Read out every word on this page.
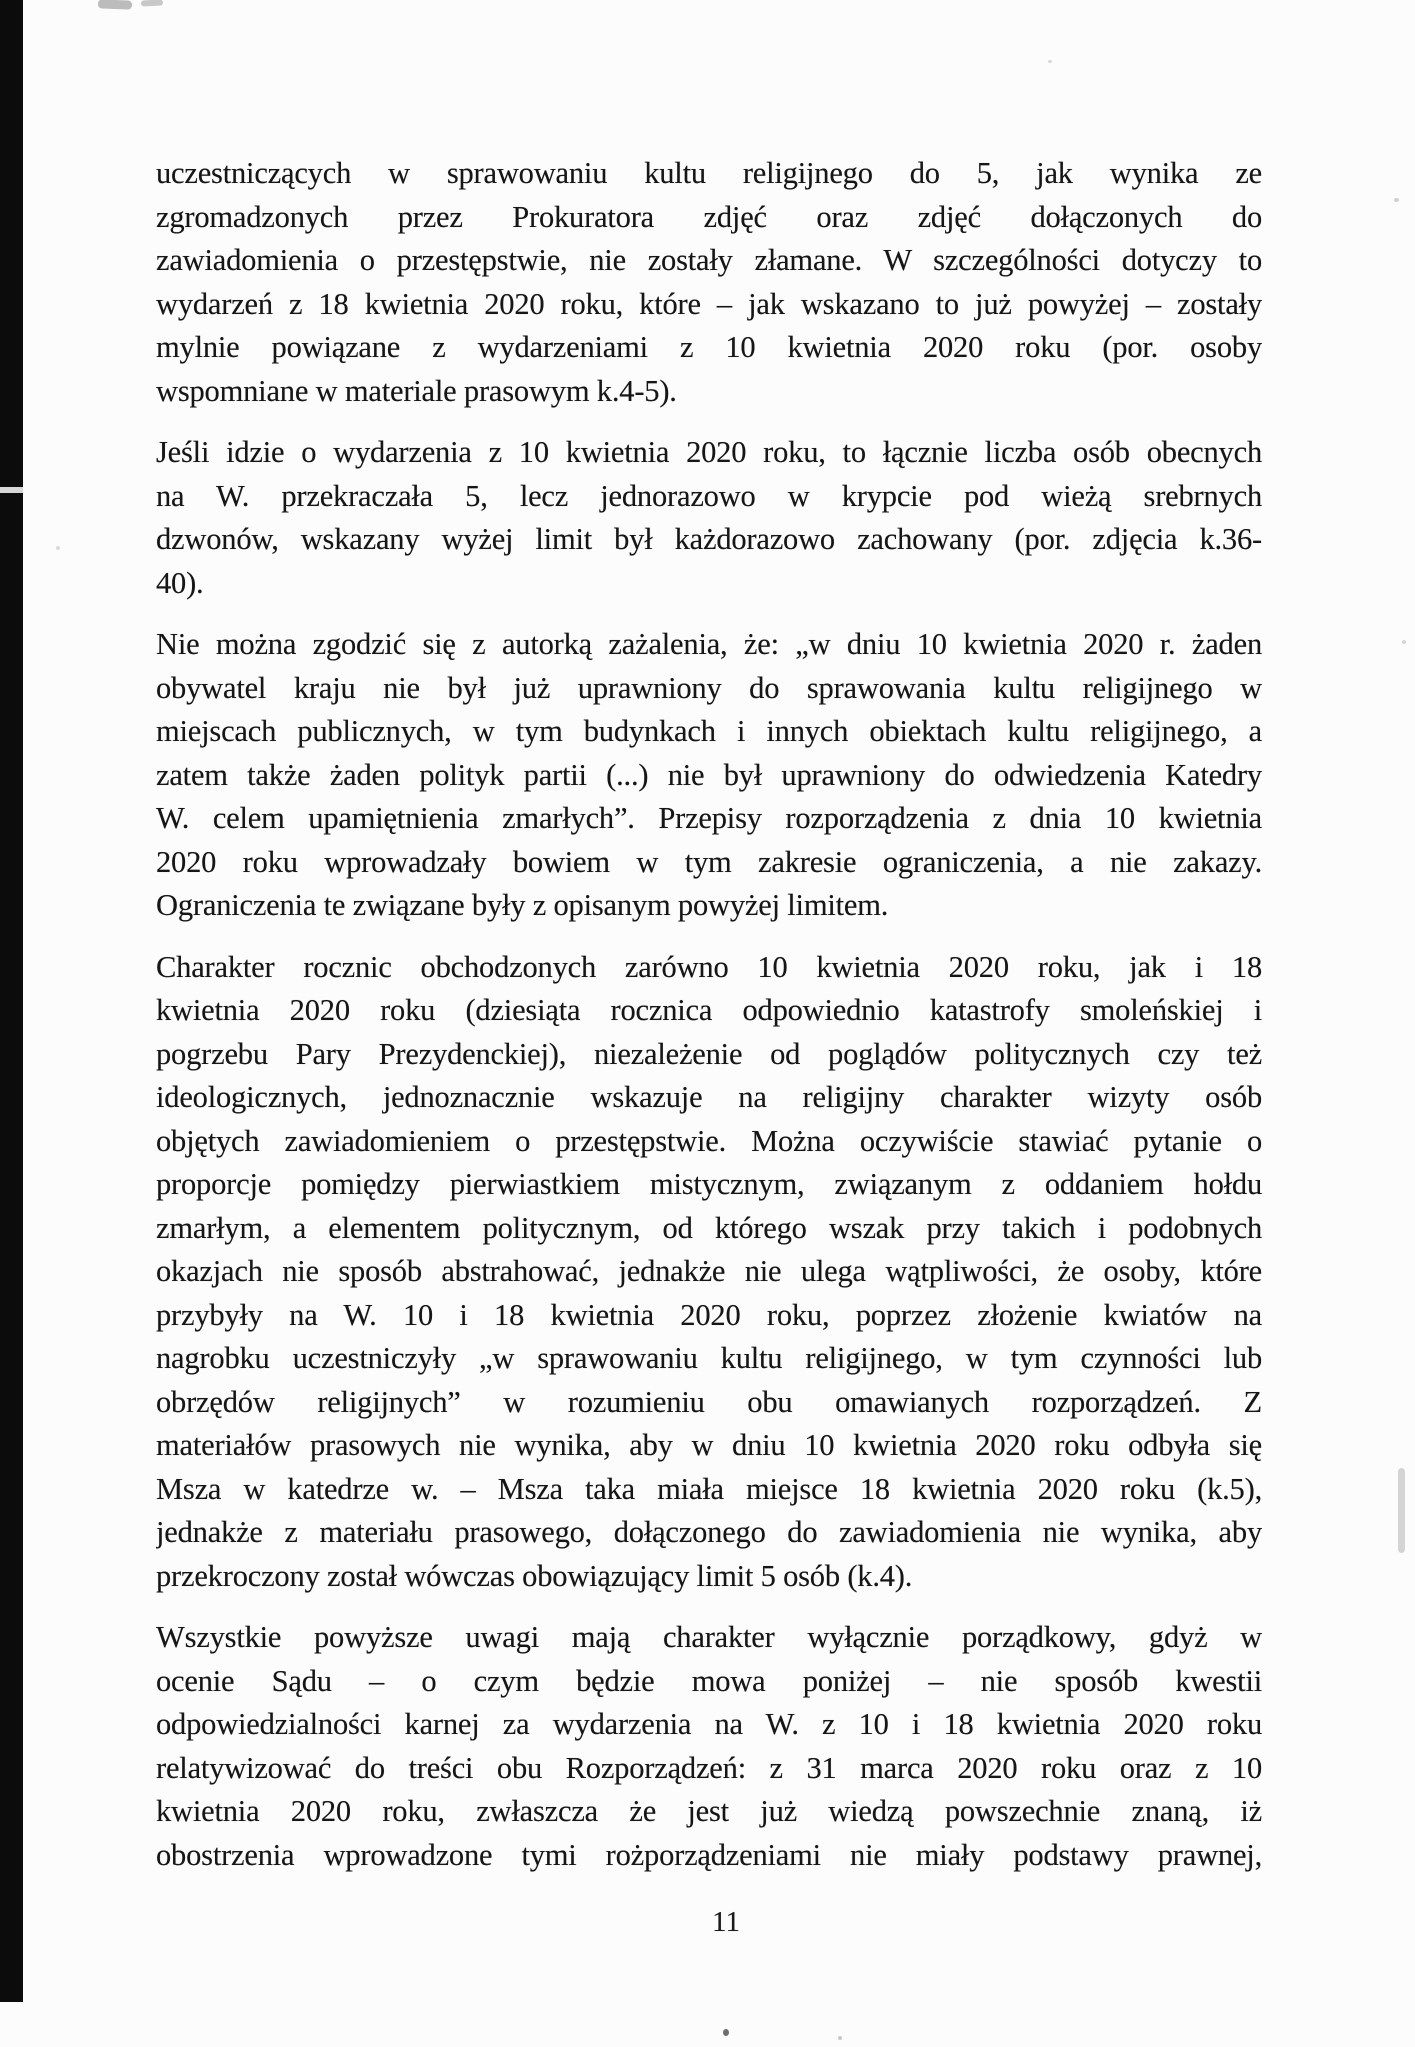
uczestniczących w sprawowaniu kultu religijnego do 5, jak wynika ze
zgromadzonych przez Prokuratora zdjęć oraz zdjęć dołączonych do
zawiadomienia o przestępstwie, nie zostały złamane. W szczególności dotyczy to
wydarzeń z 18 kwietnia 2020 roku, które – jak wskazano to już powyżej – zostały
mylnie powiązane z wydarzeniami z 10 kwietnia 2020 roku (por. osoby
wspomniane w materiale prasowym k.4-5).
Jeśli idzie o wydarzenia z 10 kwietnia 2020 roku, to łącznie liczba osób obecnych
na W. przekraczała 5, lecz jednorazowo w krypcie pod wieżą srebrnych
dzwonów, wskazany wyżej limit był każdorazowo zachowany (por. zdjęcia k.36-
40).
Nie można zgodzić się z autorką zażalenia, że: „w dniu 10 kwietnia 2020 r. żaden
obywatel kraju nie był już uprawniony do sprawowania kultu religijnego w
miejscach publicznych, w tym budynkach i innych obiektach kultu religijnego, a
zatem także żaden polityk partii (...) nie był uprawniony do odwiedzenia Katedry
W. celem upamiętnienia zmarłych”. Przepisy rozporządzenia z dnia 10 kwietnia
2020 roku wprowadzały bowiem w tym zakresie ograniczenia, a nie zakazy.
Ograniczenia te związane były z opisanym powyżej limitem.
Charakter rocznic obchodzonych zarówno 10 kwietnia 2020 roku, jak i 18
kwietnia 2020 roku (dziesiąta rocznica odpowiednio katastrofy smoleńskiej i
pogrzebu Pary Prezydenckiej), niezależenie od poglądów politycznych czy też
ideologicznych, jednoznacznie wskazuje na religijny charakter wizyty osób
objętych zawiadomieniem o przestępstwie. Można oczywiście stawiać pytanie o
proporcje pomiędzy pierwiastkiem mistycznym, związanym z oddaniem hołdu
zmarłym, a elementem politycznym, od którego wszak przy takich i podobnych
okazjach nie sposób abstrahować, jednakże nie ulega wątpliwości, że osoby, które
przybyły na W. 10 i 18 kwietnia 2020 roku, poprzez złożenie kwiatów na
nagrobku uczestniczyły „w sprawowaniu kultu religijnego, w tym czynności lub
obrzędów religijnych” w rozumieniu obu omawianych rozporządzeń. Z
materiałów prasowych nie wynika, aby w dniu 10 kwietnia 2020 roku odbyła się
Msza w katedrze w. – Msza taka miała miejsce 18 kwietnia 2020 roku (k.5),
jednakże z materiału prasowego, dołączonego do zawiadomienia nie wynika, aby
przekroczony został wówczas obowiązujący limit 5 osób (k.4).
Wszystkie powyższe uwagi mają charakter wyłącznie porządkowy, gdyż w
ocenie Sądu – o czym będzie mowa poniżej – nie sposób kwestii
odpowiedzialności karnej za wydarzenia na W. z 10 i 18 kwietnia 2020 roku
relatywizować do treści obu Rozporządzeń: z 31 marca 2020 roku oraz z 10
kwietnia 2020 roku, zwłaszcza że jest już wiedzą powszechnie znaną, iż
obostrzenia wprowadzone tymi rożporządzeniami nie miały podstawy prawnej,
11
